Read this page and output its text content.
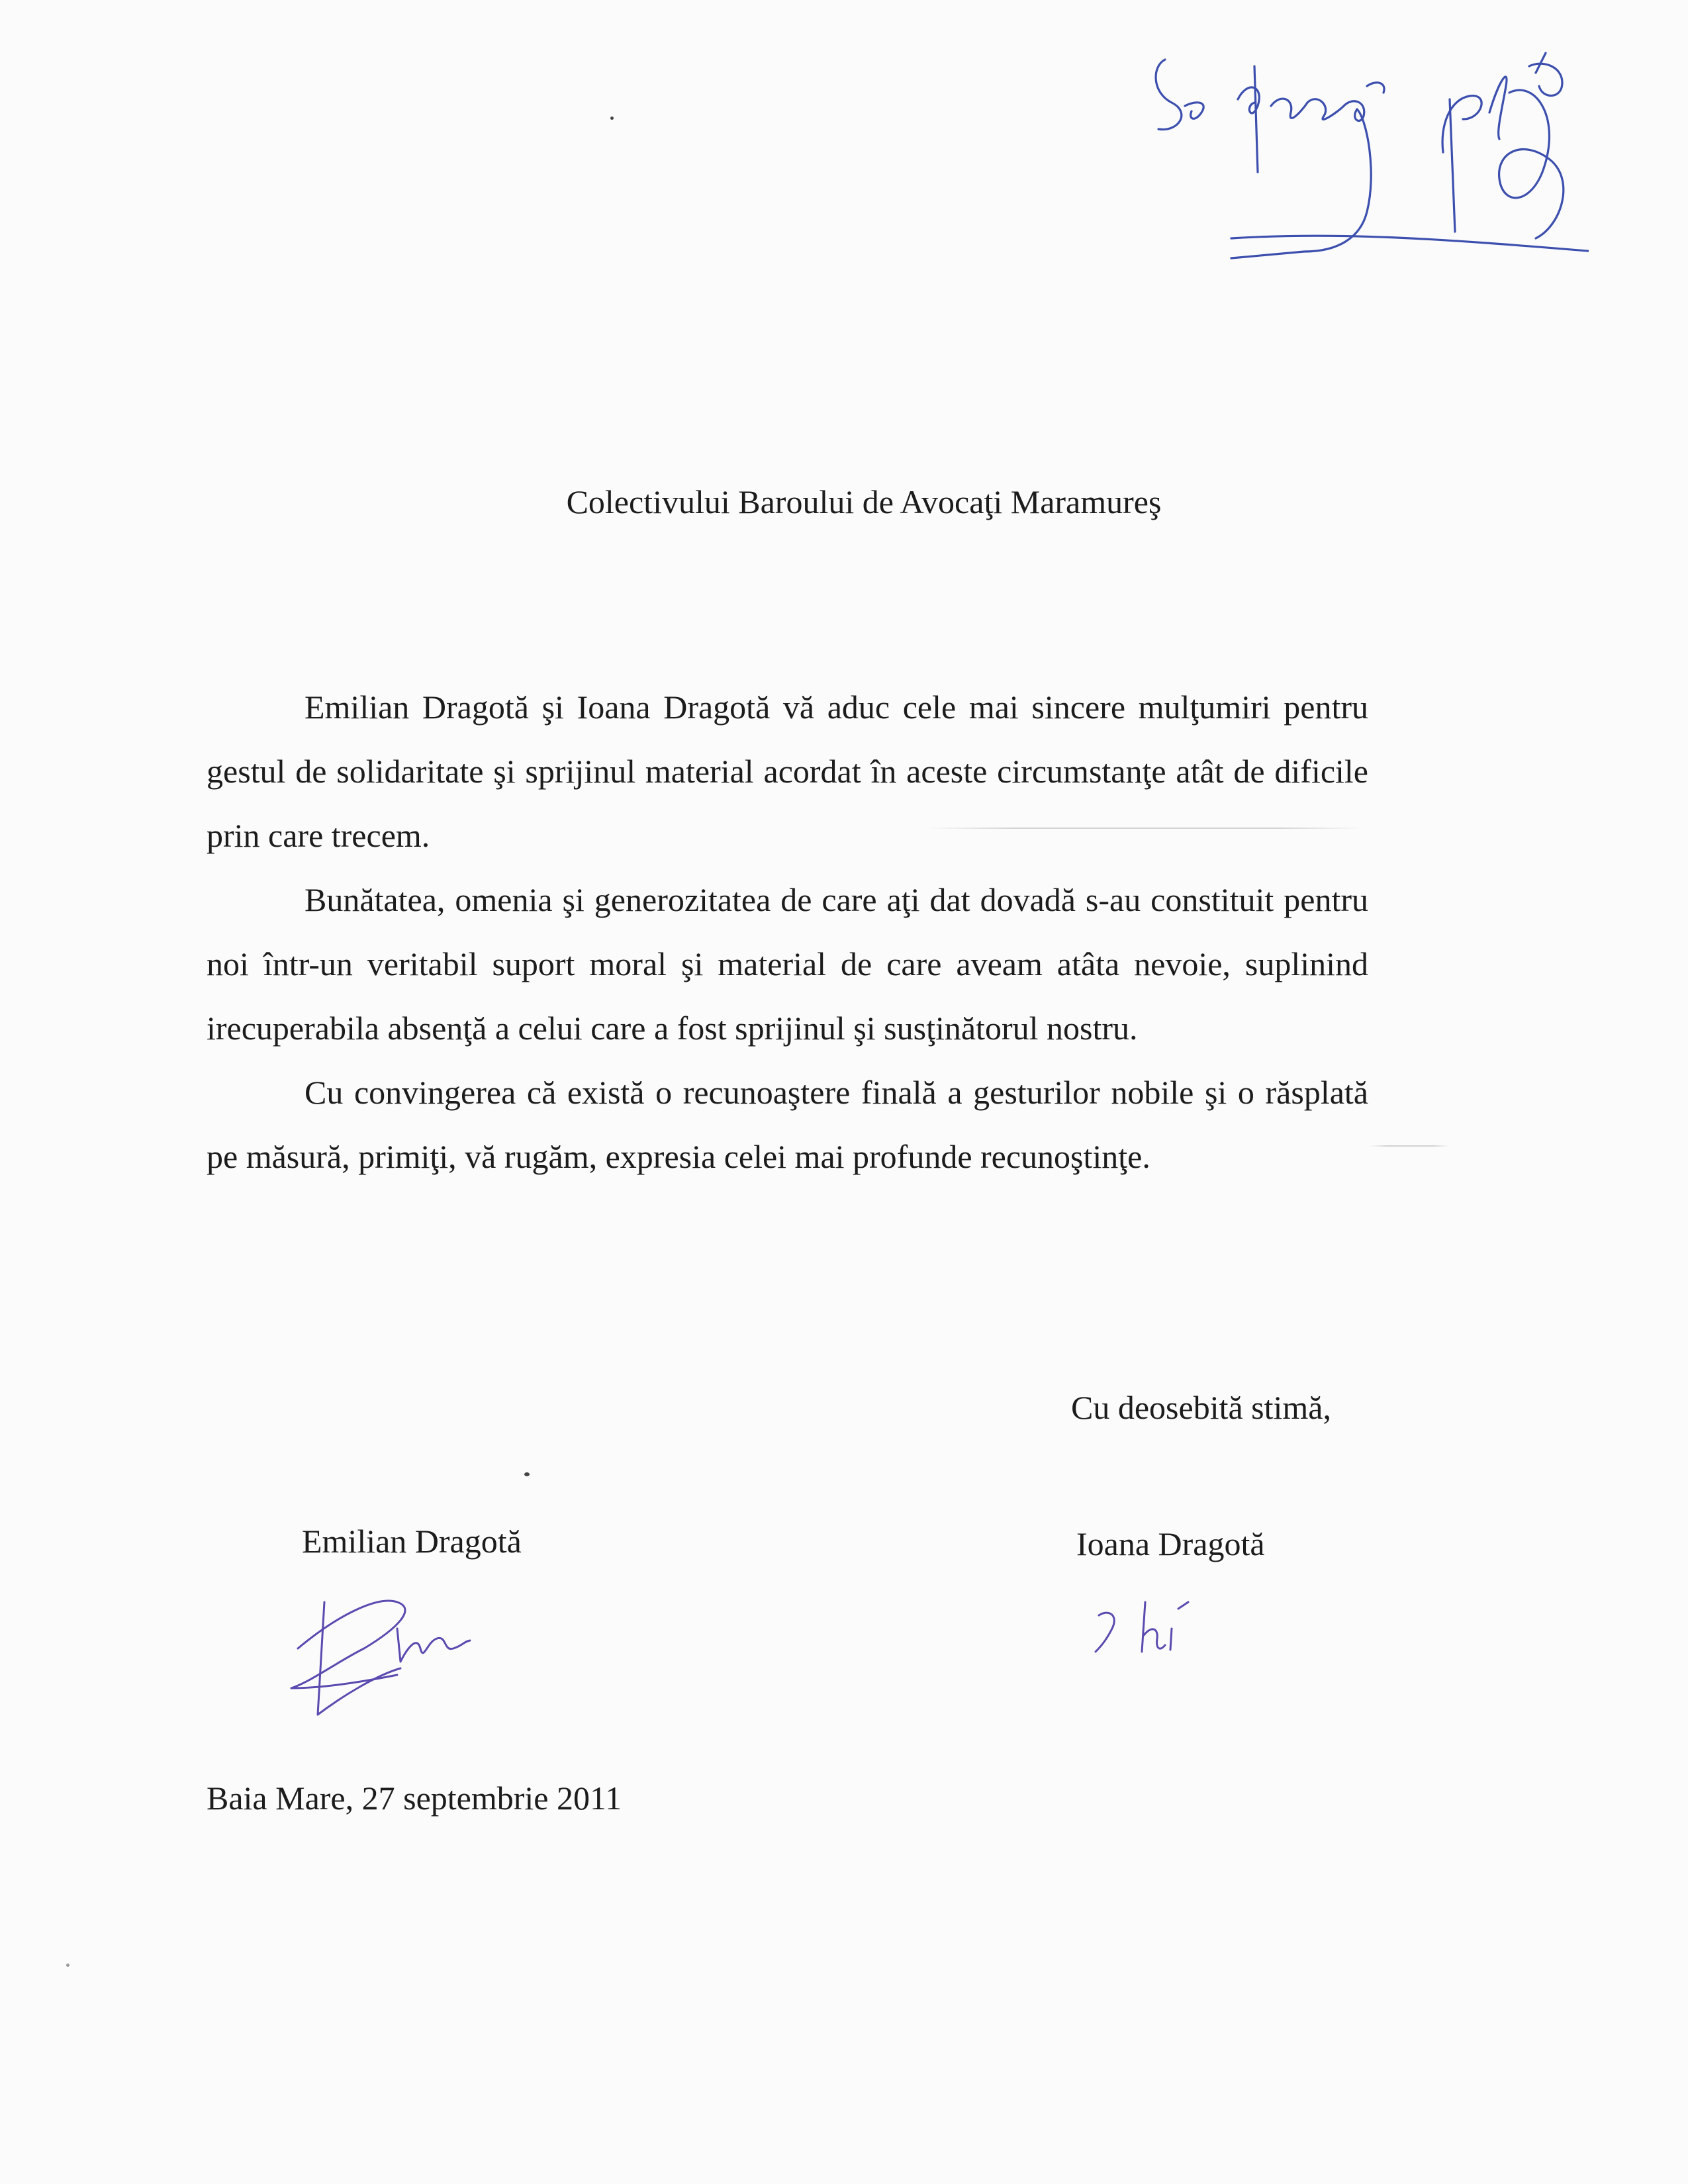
Colectivului Baroului de Avocaţi Maramureş

Emilian Dragotă şi Ioana Dragotă vă aduc cele mai sincere mulţumiri pentru gestul de solidaritate şi sprijinul material acordat în aceste circumstanţe atât de dificile prin care trecem.

Bunătatea, omenia şi generozitatea de care aţi dat dovadă s-au constituit pentru noi într-un veritabil suport moral şi material de care aveam atâta nevoie, suplinind irecuperabila absenţă a celui care a fost sprijinul şi susţinătorul nostru.

Cu convingerea că există o recunoaştere finală a gesturilor nobile şi o răsplată pe măsură, primiţi, vă rugăm, expresia celei mai profunde recunoştinţe.

Cu deosebită stimă,
Emilian Dragotă	Ioana Dragotă
Baia Mare, 27 septembrie 2011
